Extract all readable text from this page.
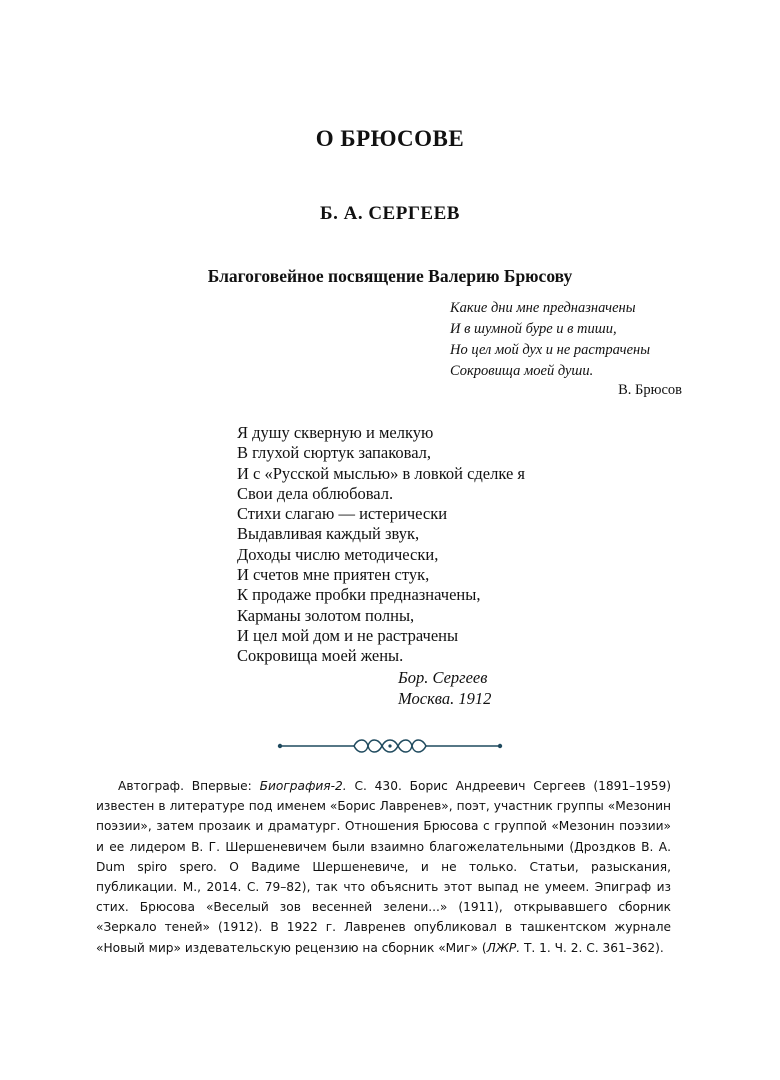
О БРЮСОВЕ
Б. А. СЕРГЕЕВ
Благоговейное посвящение Валерию Брюсову
Какие дни мне предназначены
И в шумной буре и в тиши,
Но цел мой дух и не растрачены
Сокровища моей души.
В. Брюсов
Я душу скверную и мелкую
В глухой сюртук запаковал,
И с «Русской мыслью» в ловкой сделке я
Свои дела облюбовал.
Стихи слагаю — истерически
Выдавливая каждый звук,
Доходы числю методически,
И счетов мне приятен стук,
К продаже пробки предназначены,
Карманы золотом полны,
И цел мой дом и не растрачены
Сокровища моей жены.
Бор. Сергеев
Москва. 1912
Автограф. Впервые: Биография-2. С. 430. Борис Андреевич Сергеев (1891–1959) известен в литературе под именем «Борис Лавренев», поэт, участник группы «Мезонин поэзии», затем прозаик и драматург. Отношения Брюсова с группой «Мезонин поэзии» и ее лидером В. Г. Шершеневичем были взаимно благожелательными (Дроздков В. А. Dum spiro spero. О Вадиме Шершеневиче, и не только. Статьи, разыскания, публикации. М., 2014. С. 79–82), так что объяснить этот выпад не умеем. Эпиграф из стих. Брюсова «Веселый зов весенней зелени...» (1911), открывавшего сборник «Зеркало теней» (1912). В 1922 г. Лавренев опубликовал в ташкентском журнале «Новый мир» издевательскую рецензию на сборник «Миг» (ЛЖР. Т. 1. Ч. 2. С. 361–362).
